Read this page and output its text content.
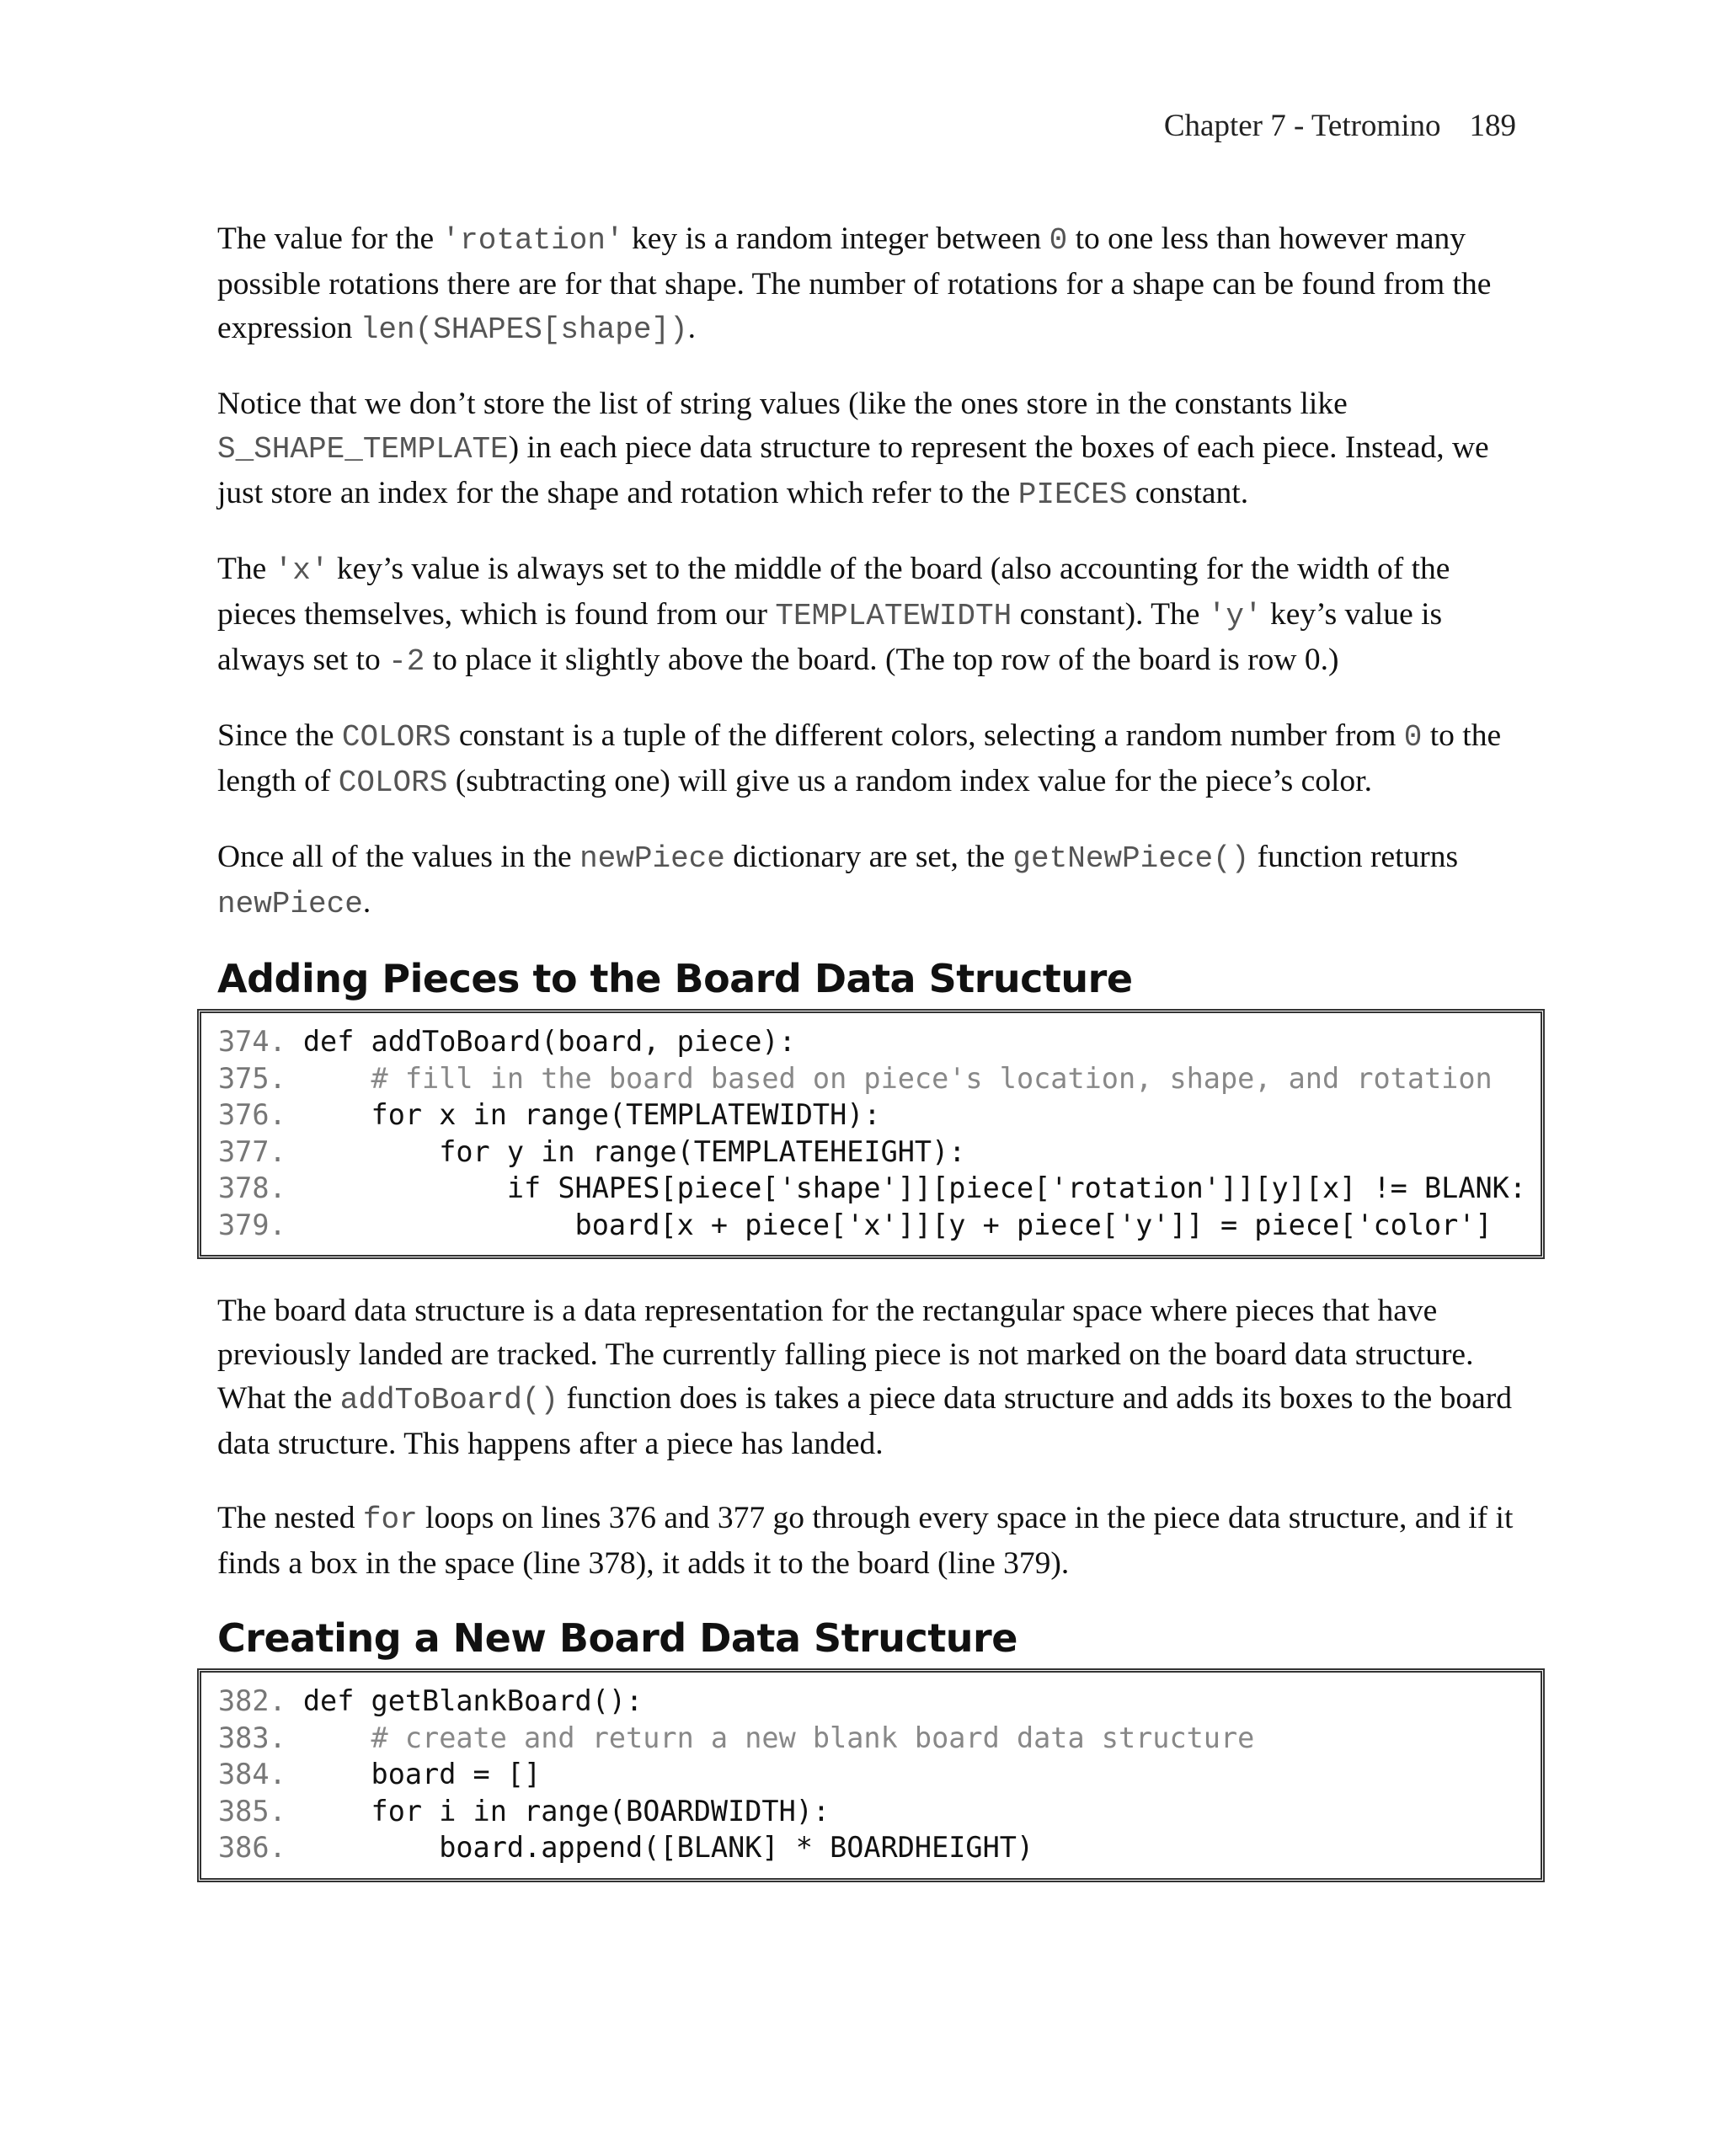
Chapter 7 - Tetromino 189

The value for the 'rotation' key is a random integer between 0 to one less than however many possible rotations there are for that shape. The number of rotations for a shape can be found from the expression len(SHAPES[shape]).

Notice that we don’t store the list of string values (like the ones store in the constants like S_SHAPE_TEMPLATE) in each piece data structure to represent the boxes of each piece. Instead, we just store an index for the shape and rotation which refer to the PIECES constant.

The 'x' key’s value is always set to the middle of the board (also accounting for the width of the pieces themselves, which is found from our TEMPLATEWIDTH constant). The 'y' key’s value is always set to -2 to place it slightly above the board. (The top row of the board is row 0.)

Since the COLORS constant is a tuple of the different colors, selecting a random number from 0 to the length of COLORS (subtracting one) will give us a random index value for the piece’s color.

Once all of the values in the newPiece dictionary are set, the getNewPiece() function returns newPiece.

Adding Pieces to the Board Data Structure
374. def addToBoard(board, piece):
375.	# fill in the board based on piece's location, shape, and rotation
376.     for x in range(TEMPLATEWIDTH):
377.         for y in range(TEMPLATEHEIGHT):
378.             if SHAPES[piece['shape']][piece['rotation']][y][x] != BLANK:
379.                 board[x + piece['x']][y + piece['y']] = piece['color']

The board data structure is a data representation for the rectangular space where pieces that have previously landed are tracked. The currently falling piece is not marked on the board data structure. What the addToBoard() function does is takes a piece data structure and adds its boxes to the board data structure. This happens after a piece has landed.

The nested for loops on lines 376 and 377 go through every space in the piece data structure, and if it finds a box in the space (line 378), it adds it to the board (line 379).

Creating a New Board Data Structure
382. def getBlankBoard():
383.	# create and return a new blank board data structure
384.     board = []
385.     for i in range(BOARDWIDTH):
386.         board.append([BLANK] * BOARDHEIGHT)
